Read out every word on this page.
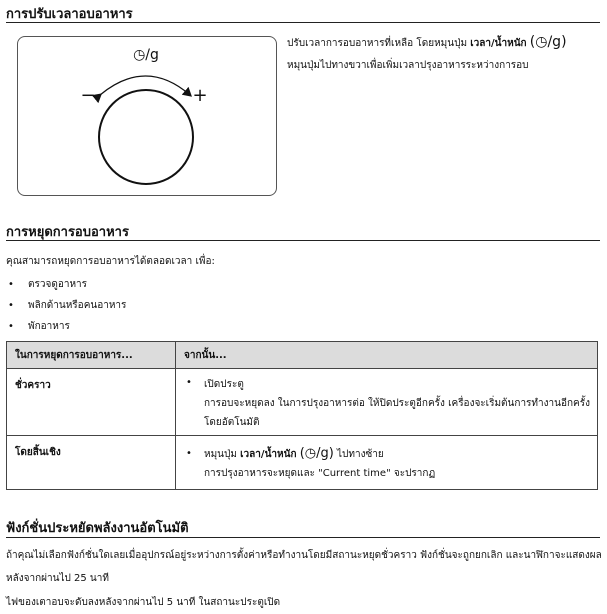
การปรับเวลาอบอาหาร
◷/g
−	+

ปรับเวลาการอบอาหารที่เหลือ โดยหมุนปุ่ม เวลา/น้ำหนัก (◷/g)

หมุนปุ่มไปทางขวาเพื่อเพิ่มเวลาปรุงอาหารระหว่างการอบ

การหยุดการอบอาหาร

คุณสามารถหยุดการอบอาหารได้ตลอดเวลา เพื่อ:

• ตรวจดูอาหาร
• พลิกด้านหรือคนอาหาร
• พักอาหาร
ในการหยุดการอบอาหาร...	จากนั้น...
ชั่วคราว	• เปิดประตู
การอบจะหยุดลง ในการปรุงอาหารต่อ ให้ปิดประตูอีกครั้ง เครื่องจะเริ่มต้นการทำงานอีกครั้ง
โดยอัตโนมัติ

โดยสิ้นเชิง	• หมุนปุ่ม เวลา/น้ำหนัก (◷/g) ไปทางซ้าย
การปรุงอาหารจะหยุดและ "Current time" จะปรากฏ
ฟังก์ชั่นประหยัดพลังงานอัตโนมัติ

ถ้าคุณไม่เลือกฟังก์ชั่นใดเลยเมื่ออุปกรณ์อยู่ระหว่างการตั้งค่าหรือทำงานโดยมีสถานะหยุดชั่วคราว ฟังก์ชั่นจะถูกยกเลิก และนาฬิกาจะแสดงผล

หลังจากผ่านไป 25 นาที

ไฟของเตาอบจะดับลงหลังจากผ่านไป 5 นาที ในสถานะประตูเปิด
